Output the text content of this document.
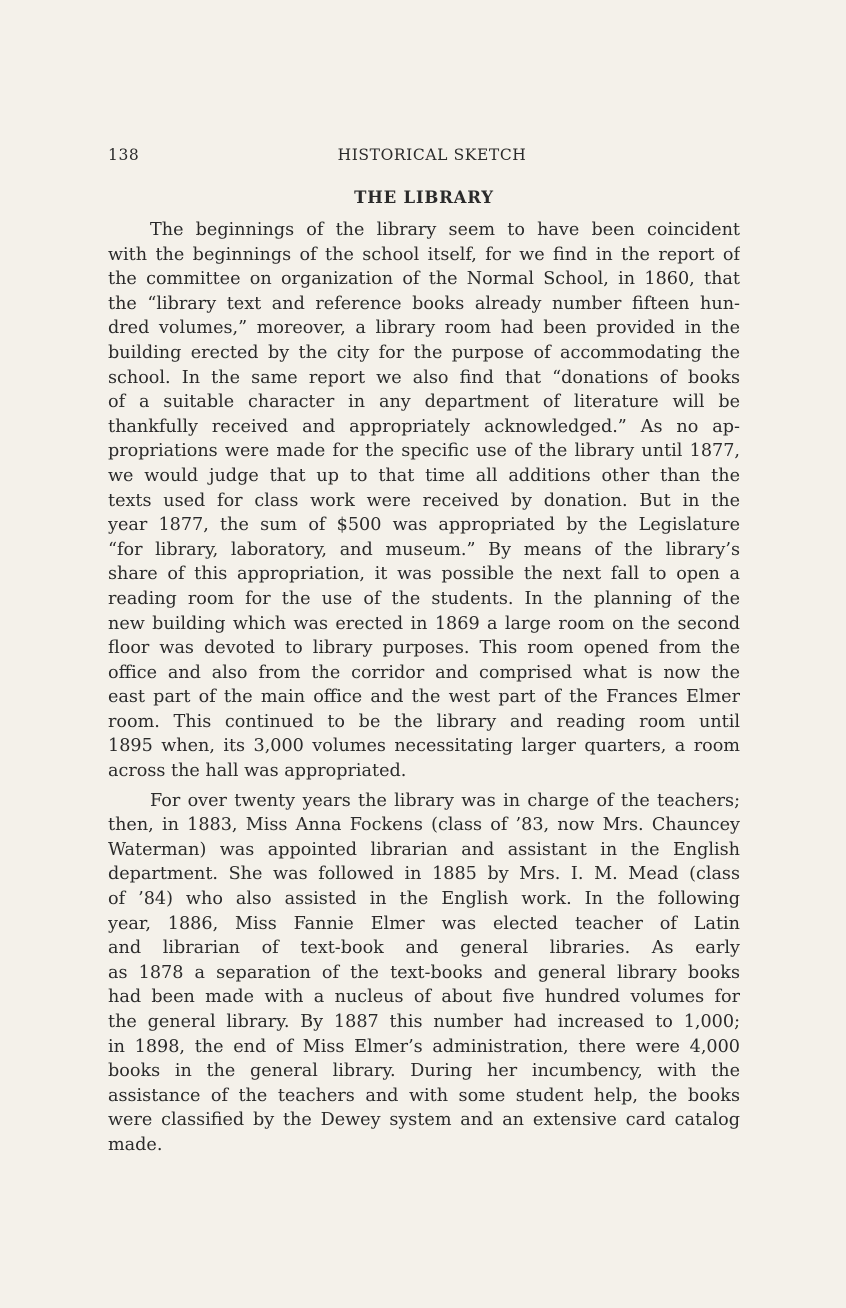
138	HISTORICAL SKETCH
THE LIBRARY
The beginnings of the library seem to have been coincident
with the beginnings of the school itself, for we find in the report of
the committee on organization of the Normal School, in 1860, that
the “library text and reference books already number fifteen hun-
dred volumes,” moreover, a library room had been provided in the
building erected by the city for the purpose of accommodating the
school. In the same report we also find that “donations of books
of a suitable character in any department of literature will be
thankfully received and appropriately acknowledged.” As no ap-
propriations were made for the specific use of the library until 1877,
we would judge that up to that time all additions other than the
texts used for class work were received by donation. But in the
year 1877, the sum of $500 was appropriated by the Legislature
“for library, laboratory, and museum.” By means of the library’s
share of this appropriation, it was possible the next fall to open a
reading room for the use of the students. In the planning of the
new building which was erected in 1869 a large room on the second
floor was devoted to library purposes. This room opened from the
office and also from the corridor and comprised what is now the
east part of the main office and the west part of the Frances Elmer
room. This continued to be the library and reading room until
1895 when, its 3,000 volumes necessitating larger quarters, a room
across the hall was appropriated.
For over twenty years the library was in charge of the teachers;
then, in 1883, Miss Anna Fockens (class of ’83, now Mrs. Chauncey
Waterman) was appointed librarian and assistant in the English
department. She was followed in 1885 by Mrs. I. M. Mead (class
of ’84) who also assisted in the English work. In the following
year, 1886, Miss Fannie Elmer was elected teacher of Latin
and librarian of text-book and general libraries. As early
as 1878 a separation of the text-books and general library books
had been made with a nucleus of about five hundred volumes for
the general library. By 1887 this number had increased to 1,000;
in 1898, the end of Miss Elmer’s administration, there were 4,000
books in the general library. During her incumbency, with the
assistance of the teachers and with some student help, the books
were classified by the Dewey system and an extensive card catalog
made.
